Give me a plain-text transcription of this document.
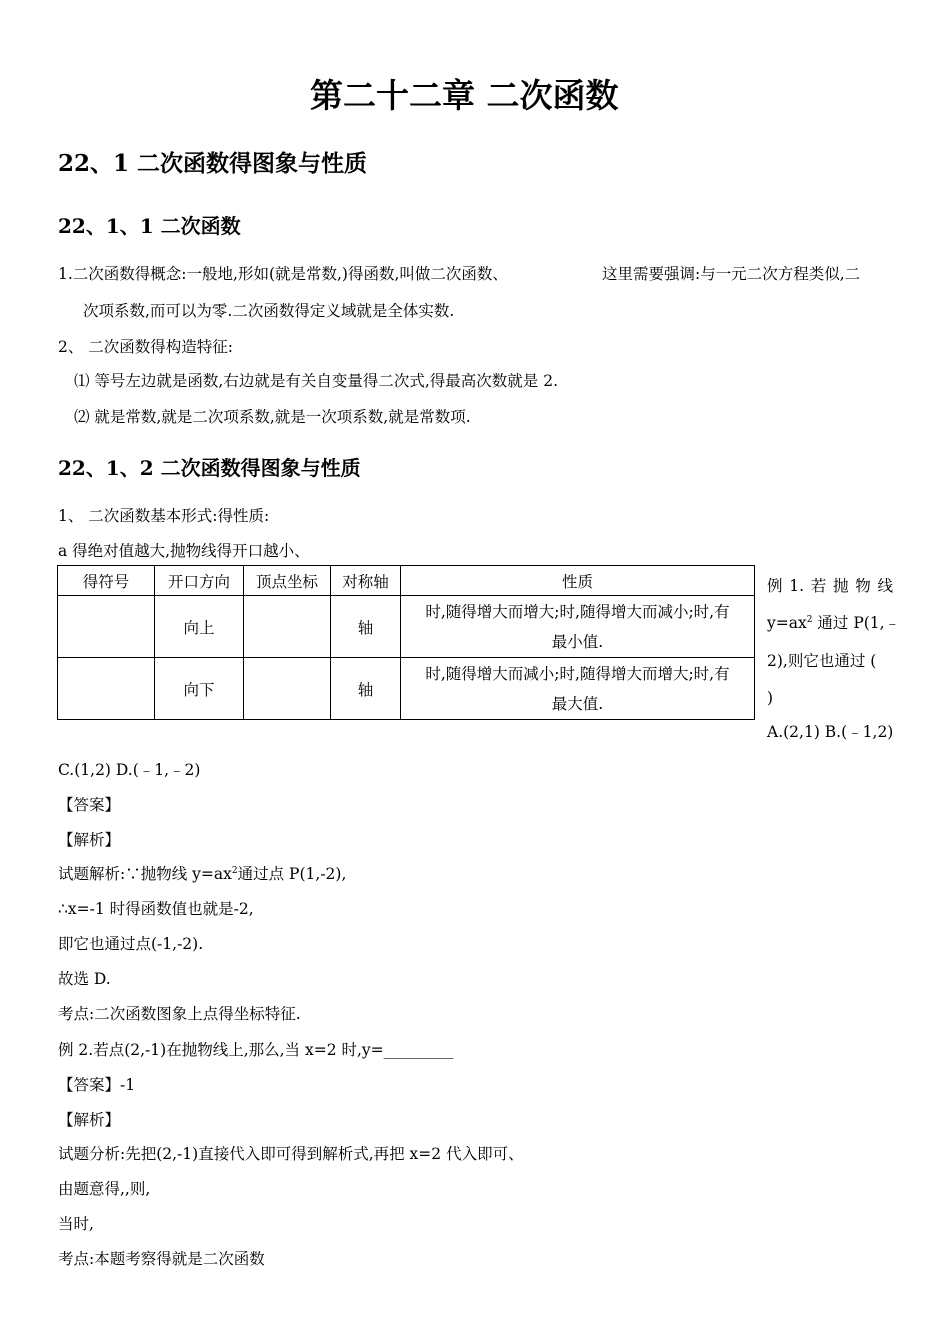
第二十二章 二次函数
22、1 二次函数得图象与性质
22、1、1 二次函数
1.二次函数得概念:一般地,形如(就是常数,)得函数,叫做二次函数、	这里需要强调:与一元二次方程类似,二
次项系数,而可以为零.二次函数得定义域就是全体实数.
2、 二次函数得构造特征:
⑴ 等号左边就是函数,右边就是有关自变量得二次式,得最高次数就是 2.
⑵ 就是常数,就是二次项系数,就是一次项系数,就是常数项.
22、1、2 二次函数得图象与性质
1、 二次函数基本形式:得性质:
a 得绝对值越大,抛物线得开口越小、
得符号	开口方向	顶点坐标	对称轴	性质
	向上		轴	时,随得增大而增大;时,随得增大而减小;时,有
最小值.

	向下		轴	时,随得增大而减小;时,随得增大而增大;时,有
最大值.
例 1. 若 抛 物 线
$y=ax^2$ 通过 P(1,﹣
2),则它也通过 (
)
A.(2,1) B.(﹣1,2)
C.(1,2) D.(﹣1,﹣2)
【答案】
【解析】
试题解析:∵抛物线 $y=ax^2$通过点 P(1,-2),
∴x=-1 时得函数值也就是-2,
即它也通过点(-1,-2).
故选 D.
考点:二次函数图象上点得坐标特征.
例 2.若点(2,-1)在抛物线上,那么,当 x=2 时,y=_________
【答案】-1
【解析】
试题分析:先把(2,-1)直接代入即可得到解析式,再把 x=2 代入即可、
由题意得,,则,
当时,
考点:本题考察得就是二次函数
